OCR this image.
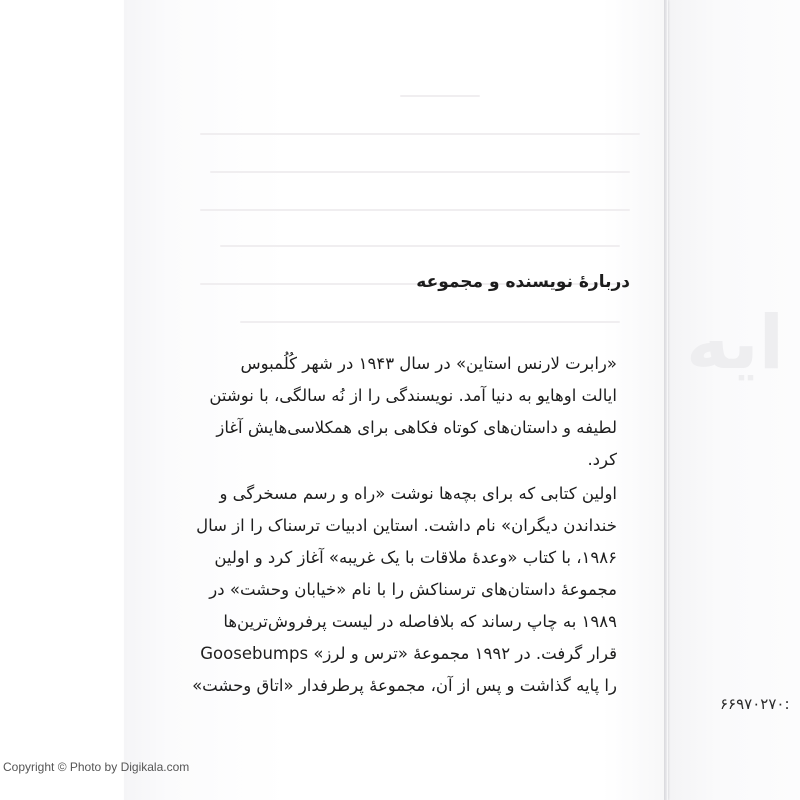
ایه
۶۶۹۷۰۲۷۰:
دربارهٔ نویسنده و مجموعه

«رابرت لارنس استاین» در سال ۱۹۴۳ در شهر کُلُمبوس
ایالت اوهایو به دنیا آمد. نویسندگی را از نُه سالگی، با نوشتن
لطیفه و داستان‌های کوتاه فکاهی برای همکلاسی‌هایش آغاز
کرد.

اولین کتابی که برای بچه‌ها نوشت «راه و رسم مسخرگی و
خنداندن دیگران» نام داشت. استاین ادبیات ترسناک را از سال
۱۹۸۶، با کتاب «وعدهٔ ملاقات با یک غریبه» آغاز کرد و اولین
مجموعهٔ داستان‌های ترسناکش را با نام «خیابان وحشت» در
۱۹۸۹ به چاپ رساند که بلافاصله در لیست پرفروش‌ترین‌ها
قرار گرفت. در ۱۹۹۲ مجموعهٔ «ترس و لرز» Goosebumps
را پایه گذاشت و پس از آن، مجموعهٔ پرطرفدار «اتاق وحشت»

Copyright © Photo by Digikala.com
